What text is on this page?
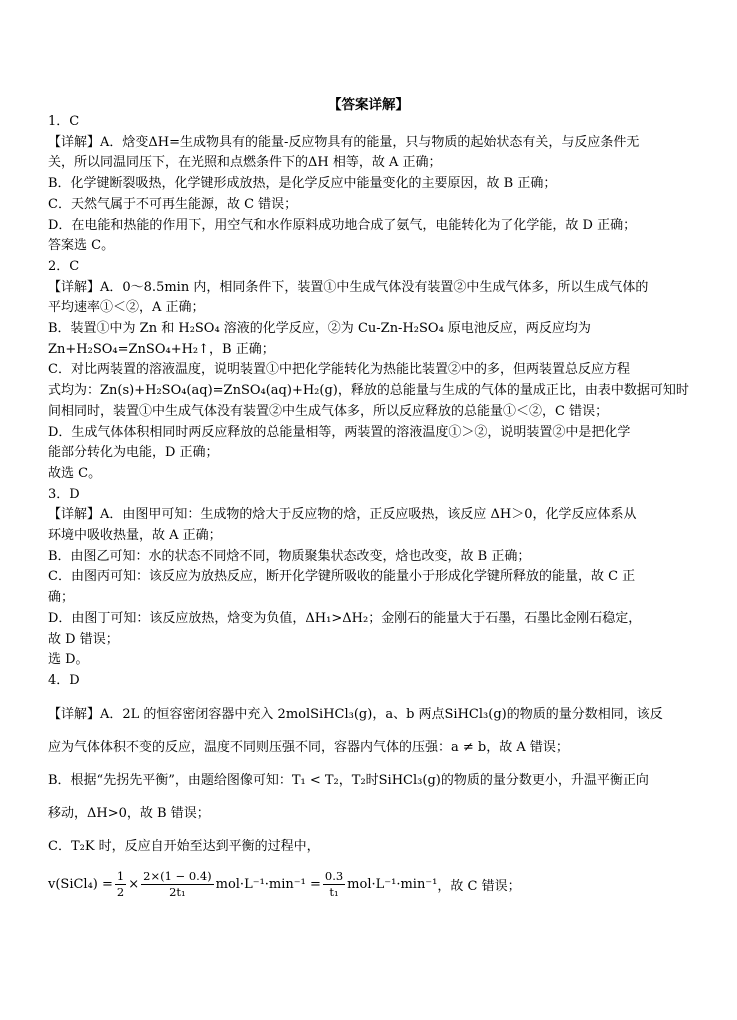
【答案详解】
1．C
【详解】A．焓变ΔH=生成物具有的能量-反应物具有的能量，只与物质的起始状态有关，与反应条件无
关，所以同温同压下，在光照和点燃条件下的ΔH 相等，故 A 正确；
B．化学键断裂吸热，化学键形成放热，是化学反应中能量变化的主要原因，故 B 正确；
C．天然气属于不可再生能源，故 C 错误；
D．在电能和热能的作用下，用空气和水作原料成功地合成了氨气，电能转化为了化学能，故 D 正确；
答案选 C。
2．C
【详解】A．0～8.5min 内，相同条件下，装置①中生成气体没有装置②中生成气体多，所以生成气体的
平均速率①＜②，A 正确；
B．装置①中为 Zn 和 H₂SO₄ 溶液的化学反应，②为 Cu-Zn-H₂SO₄ 原电池反应，两反应均为
Zn+H₂SO₄=ZnSO₄+H₂↑，B 正确；
C．对比两装置的溶液温度，说明装置①中把化学能转化为热能比装置②中的多，但两装置总反应方程
式均为：Zn(s)+H₂SO₄(aq)=ZnSO₄(aq)+H₂(g)，释放的总能量与生成的气体的量成正比，由表中数据可知时
间相同时，装置①中生成气体没有装置②中生成气体多，所以反应释放的总能量①＜②，C 错误；
D．生成气体体积相同时两反应释放的总能量相等，两装置的溶液温度①＞②，说明装置②中是把化学
能部分转化为电能，D 正确；
故选 C。
3．D
【详解】A．由图甲可知：生成物的焓大于反应物的焓，正反应吸热，该反应 ΔH＞0，化学反应体系从
环境中吸收热量，故 A 正确；
B．由图乙可知：水的状态不同焓不同，物质聚集状态改变，焓也改变，故 B 正确；
C．由图丙可知：该反应为放热反应，断开化学键所吸收的能量小于形成化学键所释放的能量，故 C 正
确；
D．由图丁可知：该反应放热，焓变为负值，ΔH₁>ΔH₂；金刚石的能量大于石墨，石墨比金刚石稳定，
故 D 错误；
选 D。
4．D
【详解】A．2L 的恒容密闭容器中充入 2molSiHCl₃(g)，a、b 两点SiHCl₃(g)的物质的量分数相同，该反
应为气体体积不变的反应，温度不同则压强不同，容器内气体的压强：a ≠ b，故 A 错误；
B．根据“先拐先平衡”，由题给图像可知：T₁ < T₂，T₂时SiHCl₃(g)的物质的量分数更小，升温平衡正向
移动，ΔH>0，故 B 错误；
C．T₂K 时，反应自开始至达到平衡的过程中，
v(SiCl₄) = $\frac{1}{2} \times \frac{2\times(1 - 0.4)}{\text{2t₁}} mol\cdot L^{-1}\cdot\min^{-1} = \frac{0.3}{\text{t₁}} mol\cdot L^{-1}\cdot\min^{-1}$ ，故 C 错误；
